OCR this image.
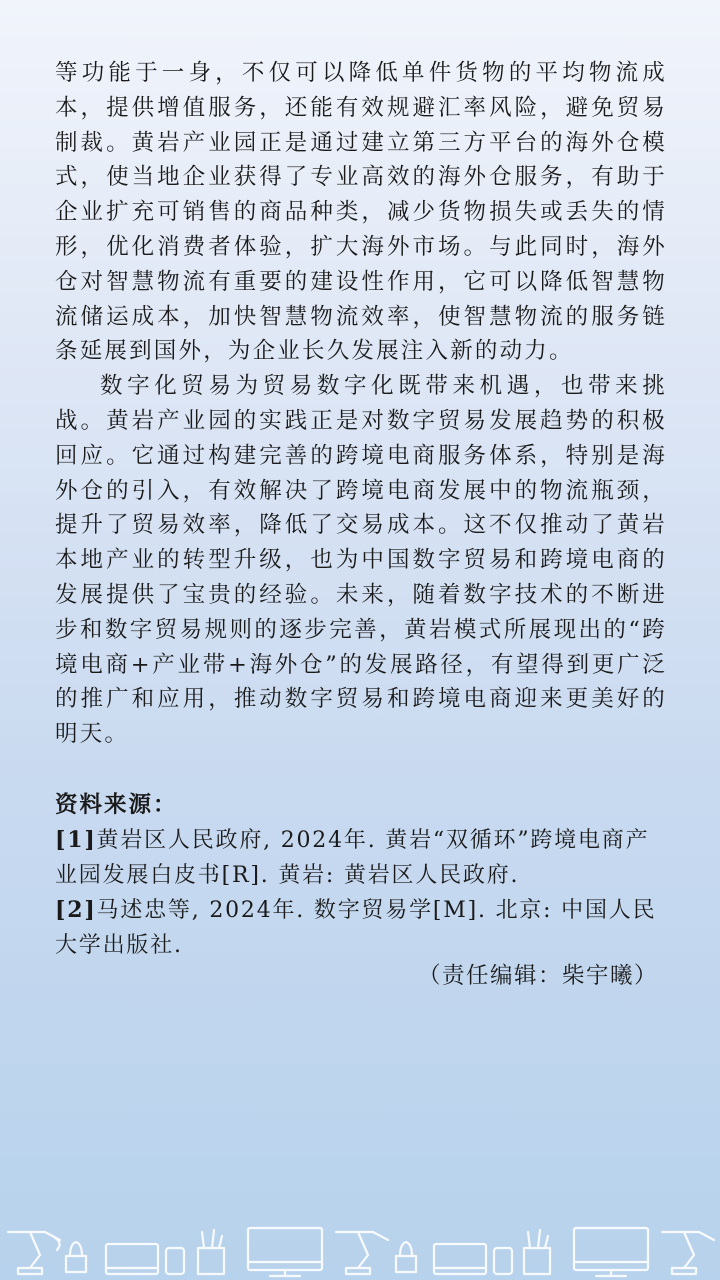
等功能于一身，不仅可以降低单件货物的平均物流成本，提供增值服务，还能有效规避汇率风险，避免贸易制裁。黄岩产业园正是通过建立第三方平台的海外仓模式，使当地企业获得了专业高效的海外仓服务，有助于企业扩充可销售的商品种类，减少货物损失或丢失的情形，优化消费者体验，扩大海外市场。与此同时，海外仓对智慧物流有重要的建设性作用，它可以降低智慧物流储运成本，加快智慧物流效率，使智慧物流的服务链条延展到国外，为企业长久发展注入新的动力。

数字化贸易为贸易数字化既带来机遇，也带来挑战。黄岩产业园的实践正是对数字贸易发展趋势的积极回应。它通过构建完善的跨境电商服务体系，特别是海外仓的引入，有效解决了跨境电商发展中的物流瓶颈，提升了贸易效率，降低了交易成本。这不仅推动了黄岩本地产业的转型升级，也为中国数字贸易和跨境电商的发展提供了宝贵的经验。未来，随着数字技术的不断进步和数字贸易规则的逐步完善，黄岩模式所展现出的“跨境电商+产业带+海外仓”的发展路径，有望得到更广泛的推广和应用，推动数字贸易和跨境电商迎来更美好的明天。

资料来源：

[1]黄岩区人民政府, 2024年. 黄岩“双循环”跨境电商产业园发展白皮书[R]. 黄岩: 黄岩区人民政府.

[2]马述忠等, 2024年. 数字贸易学[M]. 北京: 中国人民大学出版社.

（责任编辑：柴宇曦）
